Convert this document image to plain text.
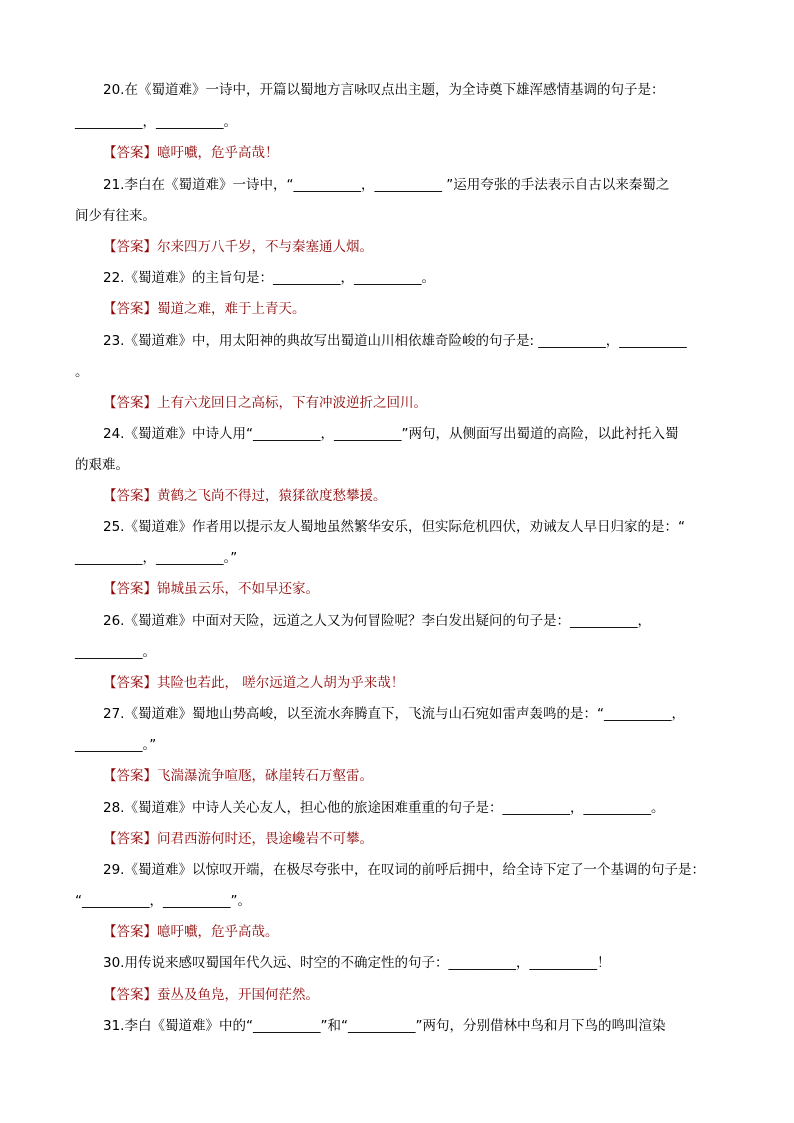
20.在《蜀道难》一诗中，开篇以蜀地方言咏叹点出主题，为全诗奠下雄浑感情基调的句子是：
__________，__________。
【答案】噫吁嚱，危乎高哉！
21.李白在《蜀道难》一诗中，“__________，__________ ”运用夸张的手法表示自古以来秦蜀之
间少有往来。
【答案】尔来四万八千岁，不与秦塞通人烟。
22.《蜀道难》的主旨句是：__________，__________。
【答案】蜀道之难，难于上青天。
23.《蜀道难》中，用太阳神的典故写出蜀道山川相依雄奇险峻的句子是: __________，__________
。
【答案】上有六龙回日之高标，下有冲波逆折之回川。
24.《蜀道难》中诗人用“__________，__________”两句，从侧面写出蜀道的高险，以此衬托入蜀
的艰难。
【答案】黄鹤之飞尚不得过，猿猱欲度愁攀援。
25.《蜀道难》作者用以提示友人蜀地虽然繁华安乐，但实际危机四伏，劝诫友人早日归家的是：“
__________，__________。”
【答案】锦城虽云乐，不如早还家。
26.《蜀道难》中面对天险，远道之人又为何冒险呢？李白发出疑问的句子是：__________，
__________。
【答案】其险也若此， 嗟尔远道之人胡为乎来哉！
27.《蜀道难》蜀地山势高峻，以至流水奔腾直下，飞流与山石宛如雷声轰鸣的是：“__________，
__________。”
【答案】飞湍瀑流争喧豗，砯崖转石万壑雷。
28.《蜀道难》中诗人关心友人，担心他的旅途困难重重的句子是：__________，__________。
【答案】问君西游何时还，畏途巉岩不可攀。
29.《蜀道难》以惊叹开端，在极尽夸张中，在叹词的前呼后拥中，给全诗下定了一个基调的句子是：
“__________，__________”。
【答案】噫吁嚱，危乎高哉。
30.用传说来感叹蜀国年代久远、时空的不确定性的句子：__________，__________！
【答案】蚕丛及鱼凫，开国何茫然。
31.李白《蜀道难》中的“__________”和“__________”两句，分别借林中鸟和月下鸟的鸣叫渲染
